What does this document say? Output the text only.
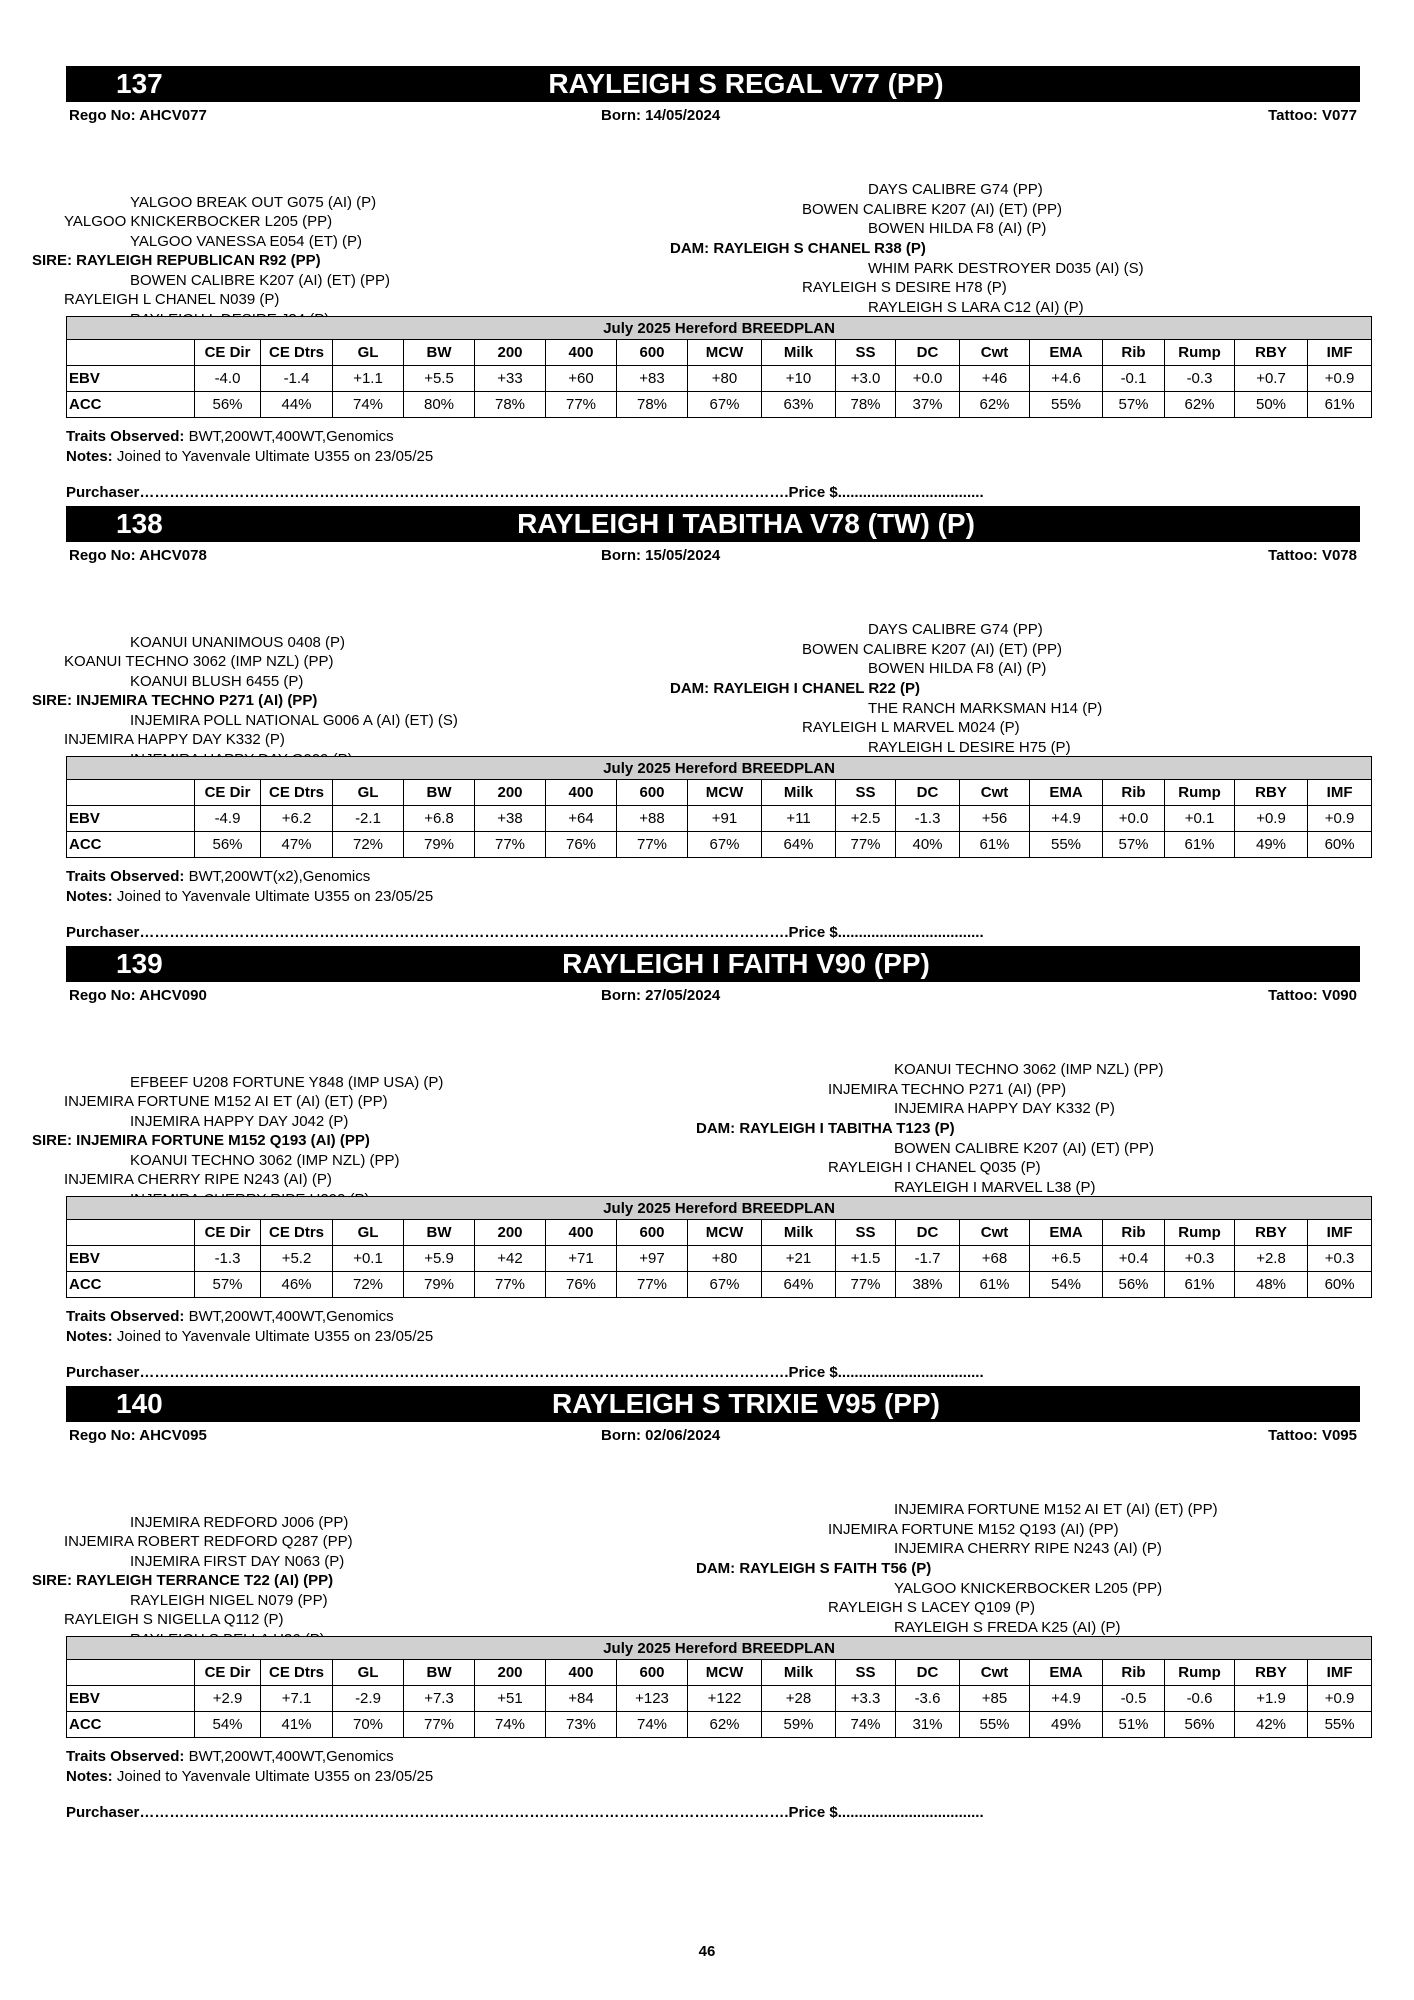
137	RAYLEIGH S REGAL V77 (PP)
Rego No: AHCV077	Born: 14/05/2024	Tattoo: V077
YALGOO BREAK OUT G075 (AI) (P)
YALGOO KNICKERBOCKER L205 (PP)
YALGOO VANESSA E054 (ET) (P)
SIRE: RAYLEIGH REPUBLICAN R92 (PP)
BOWEN CALIBRE K207 (AI) (ET) (PP)
RAYLEIGH L CHANEL N039 (P)
DAYS CALIBRE G74 (PP)
BOWEN CALIBRE K207 (AI) (ET) (PP)
BOWEN HILDA F8 (AI) (P)
DAM: RAYLEIGH S CHANEL R38 (P)
WHIM PARK DESTROYER D035 (AI) (S)
RAYLEIGH S DESIRE H78 (P)
RAYLEIGH S LARA C12 (AI) (P)
July 2025 Hereford BREEDPLAN																	
	CE Dir	CE Dtrs	GL	BW	200	400	600	MCW	Milk	SS	DC	Cwt	EMA	Rib	Rump	RBY	IMF
EBV	-4.0	-1.4	+1.1	+5.5	+33	+60	+83	+80	+10	+3.0	+0.0	+46	+4.6	-0.1	-0.3	+0.7	+0.9
ACC	56%	44%	74%	80%	78%	77%	78%	67%	63%	78%	37%	62%	55%	57%	62%	50%	61%
Traits Observed: BWT,200WT,400WT,Genomics
Notes: Joined to Yavenvale Ultimate U355 on 23/05/25
Purchaser………………………………………………………………………………………………………………….Price $...................................
138	RAYLEIGH I TABITHA V78 (TW) (P)
Rego No: AHCV078	Born: 15/05/2024	Tattoo: V078
KOANUI UNANIMOUS 0408 (P)
KOANUI TECHNO 3062 (IMP NZL) (PP)
KOANUI BLUSH 6455 (P)
SIRE: INJEMIRA TECHNO P271 (AI) (PP)
INJEMIRA POLL NATIONAL G006 A (AI) (ET) (S)
INJEMIRA HAPPY DAY K332 (P)
DAYS CALIBRE G74 (PP)
BOWEN CALIBRE K207 (AI) (ET) (PP)
BOWEN HILDA F8 (AI) (P)
DAM: RAYLEIGH I CHANEL R22 (P)
THE RANCH MARKSMAN H14 (P)
RAYLEIGH L MARVEL M024 (P)
RAYLEIGH L DESIRE H75 (P)
July 2025 Hereford BREEDPLAN																	
	CE Dir	CE Dtrs	GL	BW	200	400	600	MCW	Milk	SS	DC	Cwt	EMA	Rib	Rump	RBY	IMF
EBV	-4.9	+6.2	-2.1	+6.8	+38	+64	+88	+91	+11	+2.5	-1.3	+56	+4.9	+0.0	+0.1	+0.9	+0.9
ACC	56%	47%	72%	79%	77%	76%	77%	67%	64%	77%	40%	61%	55%	57%	61%	49%	60%
Traits Observed: BWT,200WT(x2),Genomics
Notes: Joined to Yavenvale Ultimate U355 on 23/05/25
Purchaser………………………………………………………………………………………………………………….Price $...................................
139	RAYLEIGH I FAITH V90 (PP)
Rego No: AHCV090	Born: 27/05/2024	Tattoo: V090
EFBEEF U208 FORTUNE Y848 (IMP USA) (P)
INJEMIRA FORTUNE M152 AI ET (AI) (ET) (PP)
INJEMIRA HAPPY DAY J042 (P)
SIRE: INJEMIRA FORTUNE M152 Q193 (AI) (PP)
KOANUI TECHNO 3062 (IMP NZL) (PP)
INJEMIRA CHERRY RIPE N243 (AI) (P)
KOANUI TECHNO 3062 (IMP NZL) (PP)
INJEMIRA TECHNO P271 (AI) (PP)
INJEMIRA HAPPY DAY K332 (P)
DAM: RAYLEIGH I TABITHA T123 (P)
BOWEN CALIBRE K207 (AI) (ET) (PP)
RAYLEIGH I CHANEL Q035 (P)
RAYLEIGH I MARVEL L38 (P)
July 2025 Hereford BREEDPLAN																	
	CE Dir	CE Dtrs	GL	BW	200	400	600	MCW	Milk	SS	DC	Cwt	EMA	Rib	Rump	RBY	IMF
EBV	-1.3	+5.2	+0.1	+5.9	+42	+71	+97	+80	+21	+1.5	-1.7	+68	+6.5	+0.4	+0.3	+2.8	+0.3
ACC	57%	46%	72%	79%	77%	76%	77%	67%	64%	77%	38%	61%	54%	56%	61%	48%	60%
Traits Observed: BWT,200WT,400WT,Genomics
Notes: Joined to Yavenvale Ultimate U355 on 23/05/25
Purchaser………………………………………………………………………………………………………………….Price $...................................
140	RAYLEIGH S TRIXIE V95 (PP)
Rego No: AHCV095	Born: 02/06/2024	Tattoo: V095
INJEMIRA REDFORD J006 (PP)
INJEMIRA ROBERT REDFORD Q287 (PP)
INJEMIRA FIRST DAY N063 (P)
SIRE: RAYLEIGH TERRANCE T22 (AI) (PP)
RAYLEIGH NIGEL N079 (PP)
RAYLEIGH S NIGELLA Q112 (P)
INJEMIRA FORTUNE M152 AI ET (AI) (ET) (PP)
INJEMIRA FORTUNE M152 Q193 (AI) (PP)
INJEMIRA CHERRY RIPE N243 (AI) (P)
DAM: RAYLEIGH S FAITH T56 (P)
YALGOO KNICKERBOCKER L205 (PP)
RAYLEIGH S LACEY Q109 (P)
RAYLEIGH S FREDA K25 (AI) (P)
July 2025 Hereford BREEDPLAN																	
	CE Dir	CE Dtrs	GL	BW	200	400	600	MCW	Milk	SS	DC	Cwt	EMA	Rib	Rump	RBY	IMF
EBV	+2.9	+7.1	-2.9	+7.3	+51	+84	+123	+122	+28	+3.3	-3.6	+85	+4.9	-0.5	-0.6	+1.9	+0.9
ACC	54%	41%	70%	77%	74%	73%	74%	62%	59%	74%	31%	55%	49%	51%	56%	42%	55%
Traits Observed: BWT,200WT,400WT,Genomics
Notes: Joined to Yavenvale Ultimate U355 on 23/05/25
Purchaser………………………………………………………………………………………………………………….Price $...................................
46
